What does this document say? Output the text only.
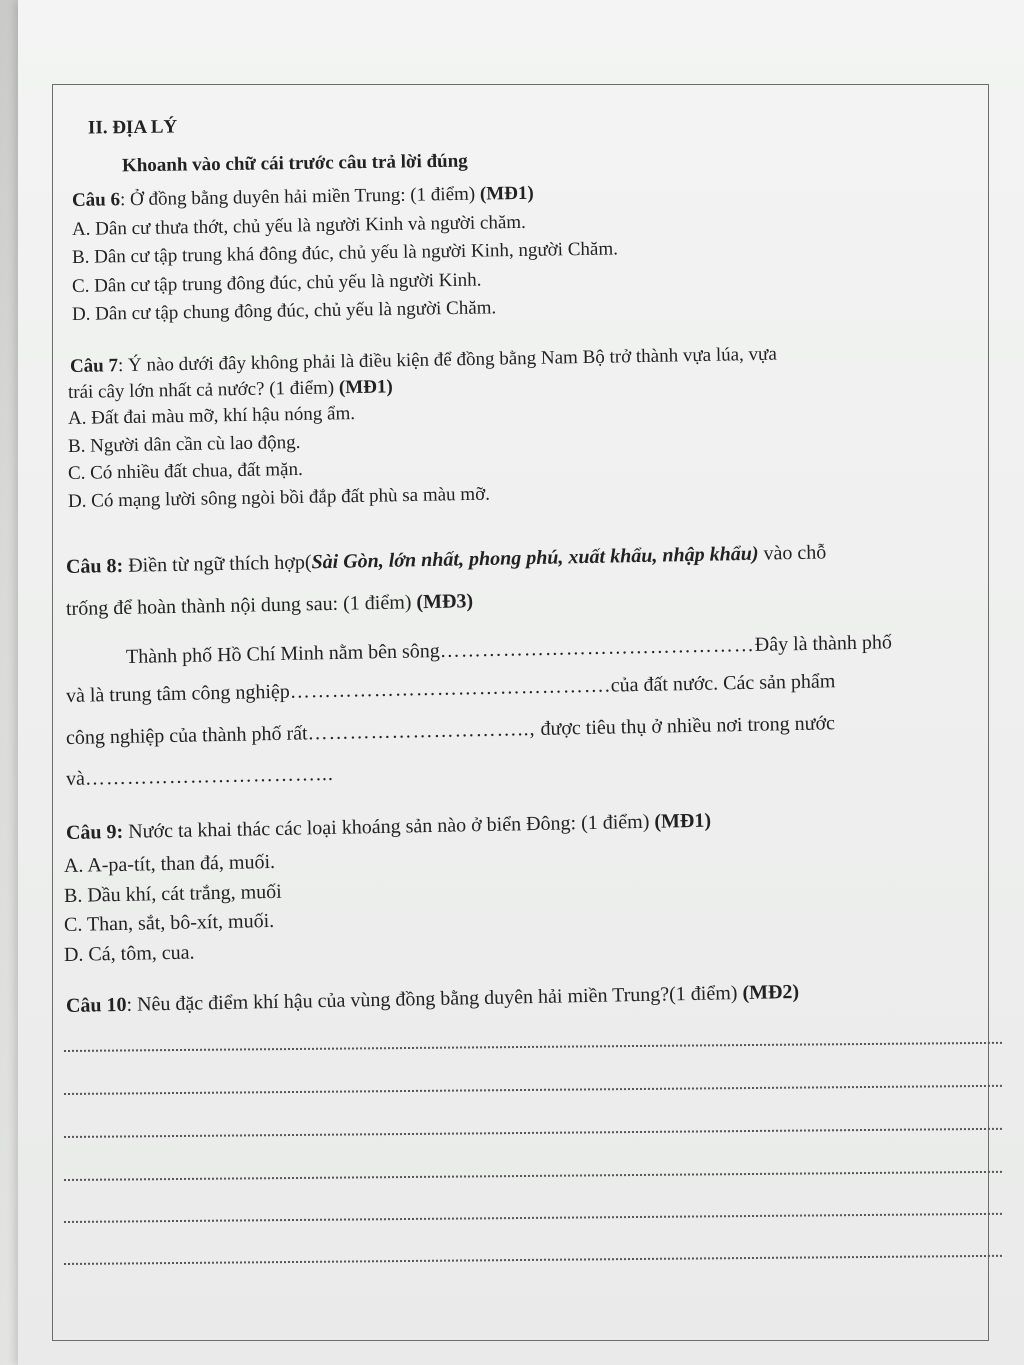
II. ĐỊA LÝ
Khoanh vào chữ cái trước câu trả lời đúng
Câu 6: Ở đồng bằng duyên hải miền Trung: (1 điểm) (MĐ1)
A. Dân cư thưa thớt, chủ yếu là người Kinh và người chăm.
B. Dân cư tập trung khá đông đúc, chủ yếu là người Kinh, người Chăm.
C. Dân cư tập trung đông đúc, chủ yếu là người Kinh.
D. Dân cư tập chung đông đúc, chủ yếu là người Chăm.
Câu 7: Ý nào dưới đây không phải là điều kiện để đồng bằng Nam Bộ trở thành vựa lúa, vựa
trái cây lớn nhất cả nước? (1 điểm) (MĐ1)
A. Đất đai màu mỡ, khí hậu nóng ẩm.
B. Người dân cần cù lao động.
C. Có nhiều đất chua, đất mặn.
D. Có mạng lười sông ngòi bồi đắp đất phù sa màu mỡ.
Câu 8: Điền từ ngữ thích hợp(Sài Gòn, lớn nhất, phong phú, xuất khẩu, nhập khẩu) vào chỗ
trống để hoàn thành nội dung sau: (1 điểm) (MĐ3)
Thành phố Hồ Chí Minh nằm bên sông………………………………………Đây là thành phố
và là trung tâm công nghiệp……………………………………….của đất nước. Các sản phẩm
công nghiệp của thành phố rất………………………….., được tiêu thụ ở nhiều nơi trong nước
và……………………………...
Câu 9: Nước ta khai thác các loại khoáng sản nào ở biển Đông: (1 điểm) (MĐ1)
A. A-pa-tít, than đá, muối.
B. Dầu khí, cát trắng, muối
C. Than, sắt, bô-xít, muối.
D. Cá, tôm, cua.
Câu 10: Nêu đặc điểm khí hậu của vùng đồng bằng duyên hải miền Trung?(1 điểm) (MĐ2)
